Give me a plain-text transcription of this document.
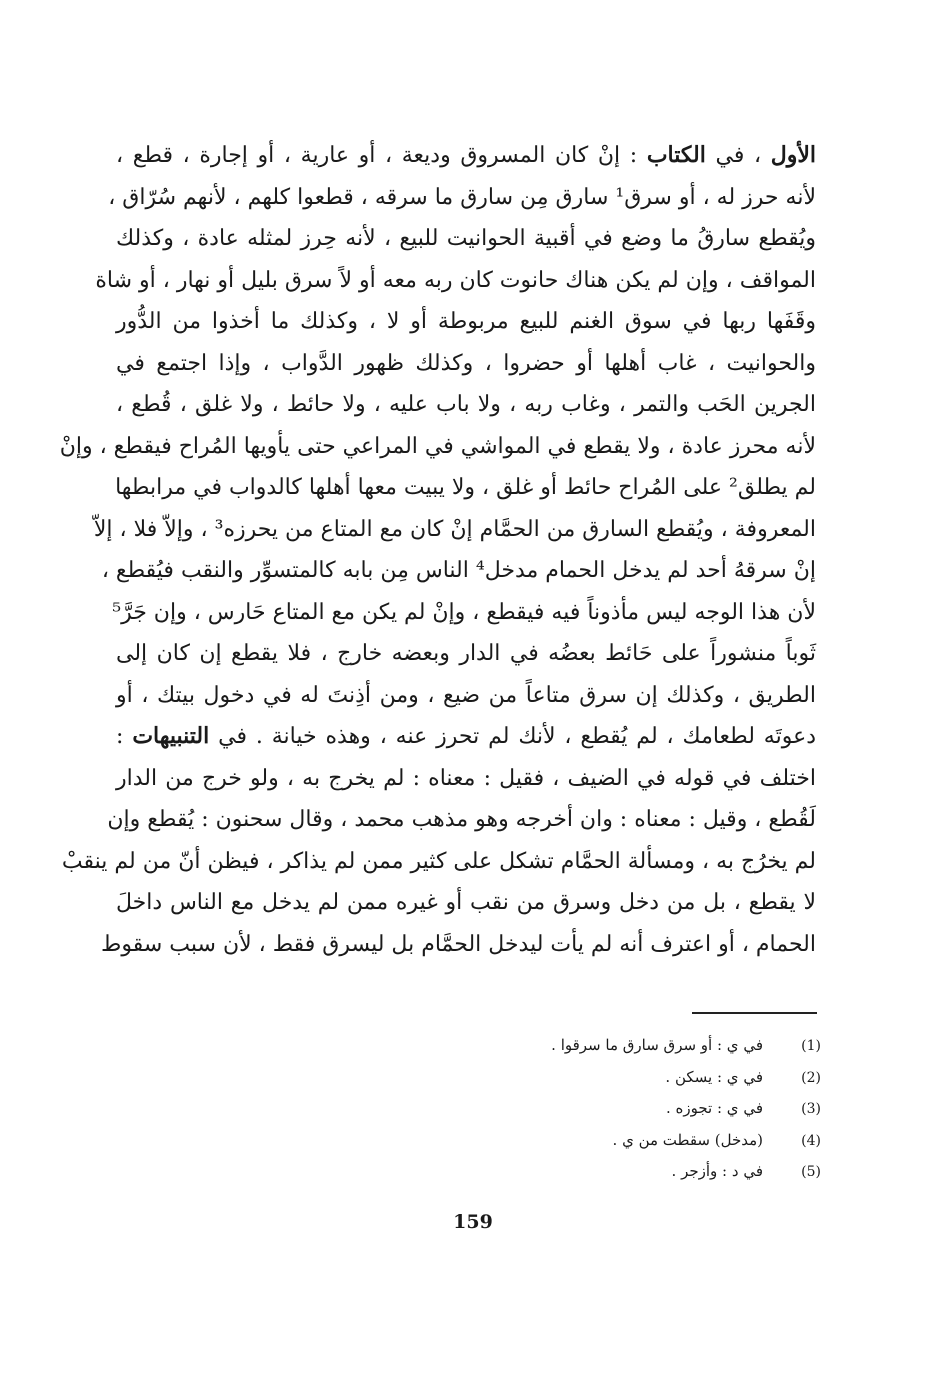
الأول ، في الكتاب : إنْ كان المسروق وديعة ، أو عارية ، أو إجارة ، قطع ،
لأنه حرز له ، أو سرق¹ سارق مِن سارق ما سرقه ، قطعوا كلهم ، لأنهم سُرّاق ،
ويُقطع سارقُ ما وضع في أقبية الحوانيت للبيع ، لأنه حِرز لمثله عادة ، وكذلك
المواقف ، وإن لم يكن هناك حانوت كان ربه معه أو لاً سرق بليل أو نهار ، أو شاة
وقَفَها ربها في سوق الغنم للبيع مربوطة أو لا ، وكذلك ما أخذوا من الدُّور
والحوانيت ، غاب أهلها أو حضروا ، وكذلك ظهور الدَّواب ، وإذا اجتمع في
الجرين الحَب والتمر ، وغاب ربه ، ولا باب عليه ، ولا حائط ، ولا غلق ، قُطع ،
لأنه محرز عادة ، ولا يقطع في المواشي في المراعي حتى يأويها المُراح فيقطع ، وإنْ
لم يطلق² على المُراح حائط أو غلق ، ولا يبيت معها أهلها كالدواب في مرابطها
المعروفة ، ويُقطع السارق من الحمَّام إنْ كان مع المتاع من يحرزه³ ، وإلاّ فلا ، إلاّ
إنْ سرقهُ أحد لم يدخل الحمام مدخل⁴ الناس مِن بابه كالمتسوِّر والنقب فيُقطع ،
لأن هذا الوجه ليس مأذوناً فيه فيقطع ، وإنْ لم يكن مع المتاع حَارس ، وإن جَرَّ⁵
ثَوباً منشوراً على حَائط بعضُه في الدار وبعضه خارج ، فلا يقطع إن كان إلى
الطريق ، وكذلك إن سرق متاعاً من ضيع ، ومن أذِنتَ له في دخول بيتك ، أو
دعوتَه لطعامك ، لم يُقطع ، لأنك لم تحرز عنه ، وهذه خيانة . في التنبيهات :
اختلف في قوله في الضيف ، فقيل : معناه : لم يخرج به ، ولو خرج من الدار
لَقُطع ، وقيل : معناه : وان أخرجه وهو مذهب محمد ، وقال سحنون : يُقطع وإن
لم يخرُج به ، ومسألة الحمَّام تشكل على كثير ممن لم يذاكر ، فيظن أنّ من لم ينقبْ
لا يقطع ، بل من دخل وسرق من نقب أو غيره ممن لم يدخل مع الناس داخلَ
الحمام ، أو اعترف أنه لم يأت ليدخل الحمَّام بل ليسرق فقط ، لأن سبب سقوط
(1)في ي : أو سرق سارق ما سرقوا .
(2)في ي : يسكن .
(3)في ي : تجوزه .
(4)(مدخل) سقطت من ي .
(5)في د : وأزجر .
159
